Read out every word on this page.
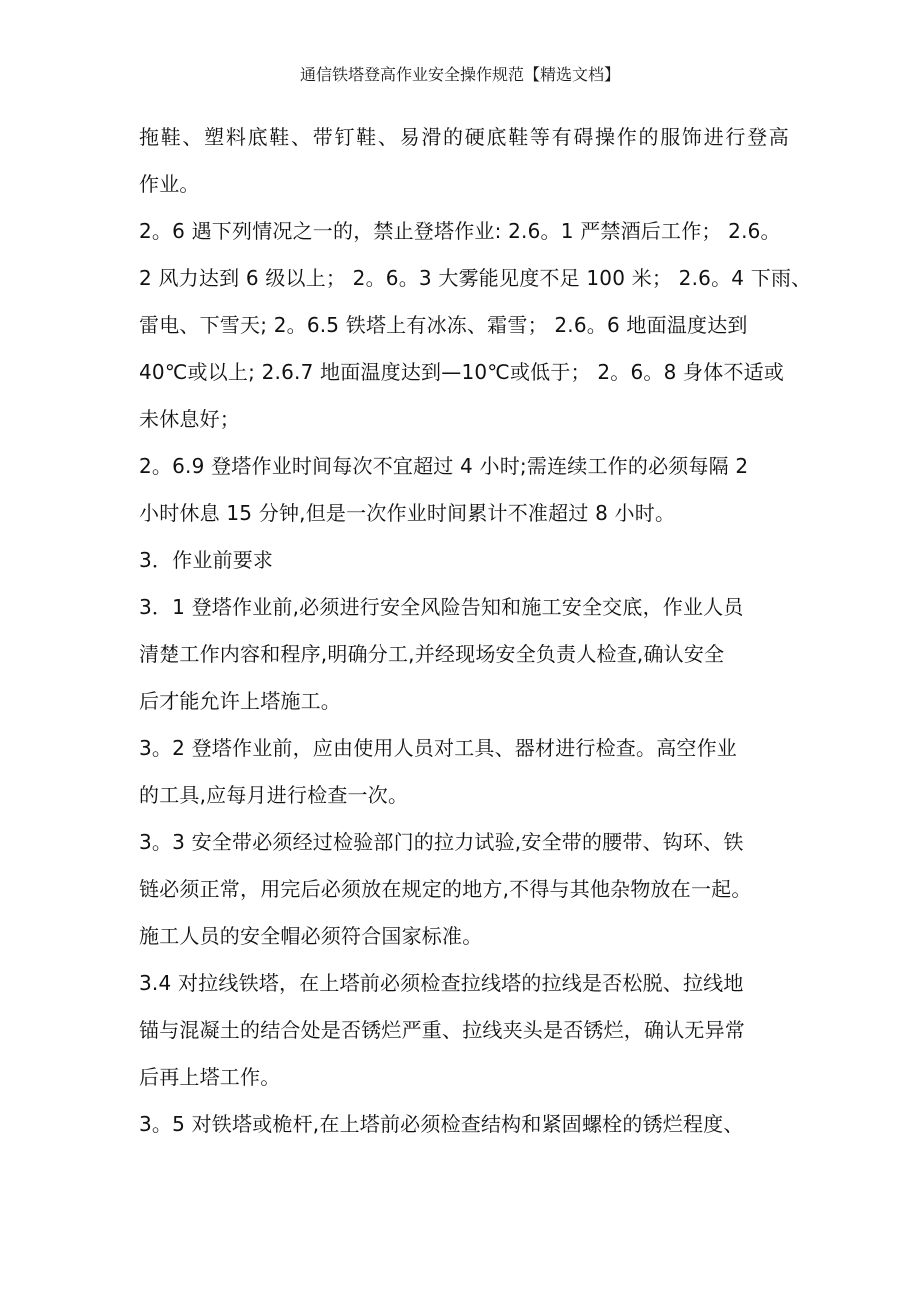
通信铁塔登高作业安全操作规范【精选文档】
拖鞋、塑料底鞋、带钉鞋、易滑的硬底鞋等有碍操作的服饰进行登高
作业。
2。6 遇下列情况之一的，禁止登塔作业: 2.6。1 严禁酒后工作； 2.6。
2 风力达到 6 级以上； 2。6。3 大雾能见度不足 100 米； 2.6。4 下雨、
雷电、下雪天; 2。6.5 铁塔上有冰冻、霜雪； 2.6。6 地面温度达到
40℃或以上; 2.6.7 地面温度达到—10℃或低于； 2。6。8 身体不适或
未休息好；
2。6.9 登塔作业时间每次不宜超过 4 小时;需连续工作的必须每隔 2
小时休息 15 分钟,但是一次作业时间累计不准超过 8 小时。
3．作业前要求
3．1 登塔作业前,必须进行安全风险告知和施工安全交底，作业人员
清楚工作内容和程序,明确分工,并经现场安全负责人检查,确认安全
后才能允许上塔施工。
3。2 登塔作业前，应由使用人员对工具、器材进行检查。高空作业
的工具,应每月进行检查一次。
3。3 安全带必须经过检验部门的拉力试验,安全带的腰带、钩环、铁
链必须正常，用完后必须放在规定的地方,不得与其他杂物放在一起。
施工人员的安全帽必须符合国家标准。
3.4 对拉线铁塔，在上塔前必须检查拉线塔的拉线是否松脱、拉线地
锚与混凝土的结合处是否锈烂严重、拉线夹头是否锈烂，确认无异常
后再上塔工作。
3。5 对铁塔或桅杆,在上塔前必须检查结构和紧固螺栓的锈烂程度、
